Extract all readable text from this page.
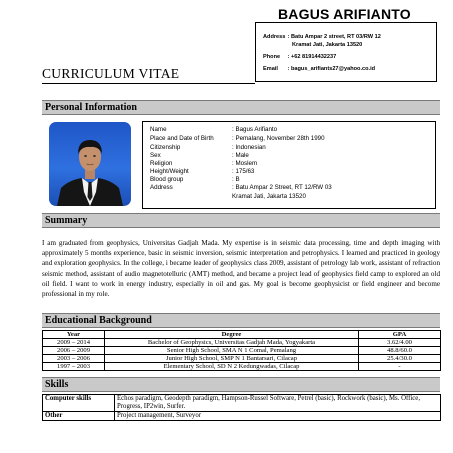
BAGUS ARIFIANTO
Address : Batu Ampar 2 street, RT 03/RW 12
Kramat Jati, Jakarta 13520
Phone : +62 81914432237
Email : bagus_arifiants27@yahoo.co.id
CURRICULUM VITAE
Personal Information
Name	: Bagus Arifianto
Place and Date of Birth	: Pemalang, November 28th 1990
Citizenship	: Indonesian
Sex	: Male
Religion	: Moslem
Height/Weight	: 175/63
Blood group	: B
Address	: Batu Ampar 2 Street, RT 12/RW 03
Kramat Jati, Jakarta 13520
Summary
I am graduated from geophysics, Universitas Gadjah Mada. My expertise is in seismic data processing, time and depth imaging with approximately 5 months experience, basic in seismic inversion, seismic interpretation and petrophysics. I learned and practiced in geology and exploration geophysics. In the college, i became leader of geophysics class 2009, assistant of petrology lab work, assistant of refraction seismic method, assistant of audio magnetotelluric (AMT) method, and became a project lead of geophysics field camp to explored an old oil field. I want to work in energy industry, especially in oil and gas. My goal is become geophysicist or field engineer and become professional in my role.
Educational Background
Year	Degree	GPA
2009 – 2014	Bachelor of Geophysics, Universitas Gadjah Mada, Yogyakarta	3.62/4.00
2006 – 2009	Senior High School, SMA N 1 Comal, Pemalang	48.8/60.0
2003 – 2006	Junior High School, SMP N 1 Bantarsari, Cilacap	25.4/30.0
1997 – 2003	Elementary School, SD N 2 Kedungwadas, Cilacap	-
Skills
Computer skills	Echos paradigm, Geodepth paradigm, Hampson-Russel Software, Petrel (basic), Rockwork (basic), Ms. Office, Progress, IP2win, Surfer.
Other	Project management, Surveyor
